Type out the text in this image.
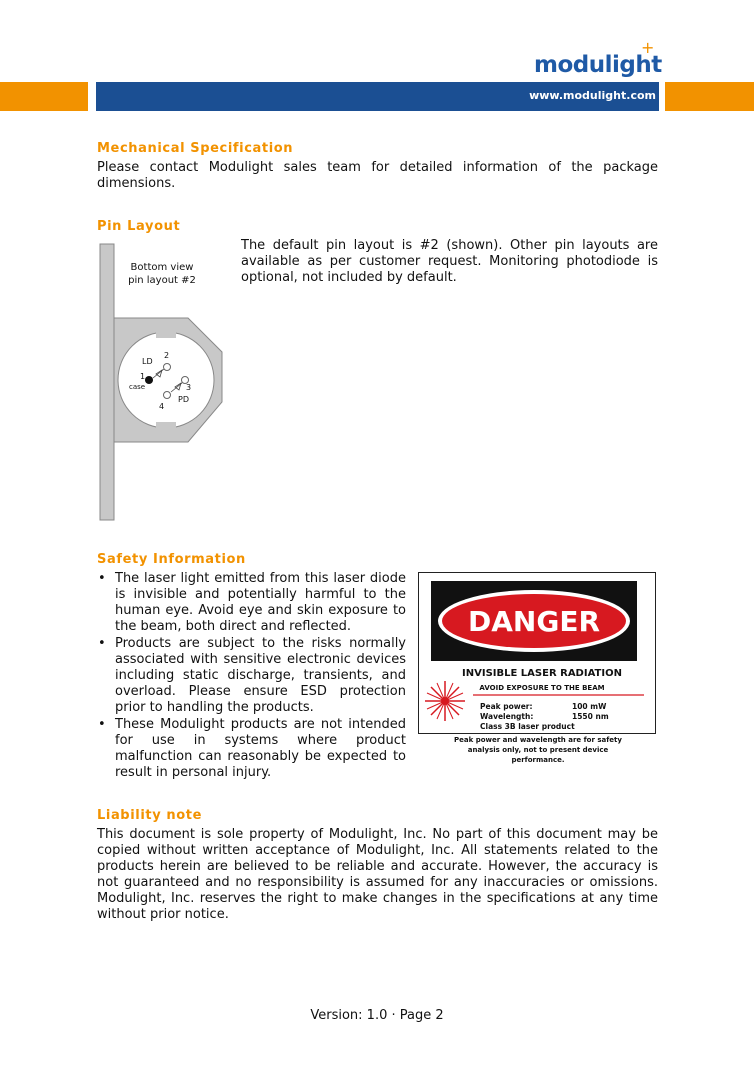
modulight
+
www.modulight.com
Mechanical Specification
Please contact Modulight sales team for detailed information of the package dimensions.
Pin Layout
The default pin layout is #2 (shown). Other pin layouts are available as per customer request. Monitoring photodiode is optional, not included by default.
Bottom view
pin layout #2
LD
2
1
case	3
PD
4
Safety Information
• The laser light emitted from this laser diode is invisible and potentially harmful to the human eye. Avoid eye and skin exposure to the beam, both direct and reflected.
• Products are subject to the risks normally associated with sensitive electronic devices including static discharge, transients, and overload. Please ensure ESD protection prior to handling the products.
• These Modulight products are not intended for use in systems where product malfunction can reasonably be expected to result in personal injury.
DANGER
INVISIBLE LASER RADIATION
AVOID EXPOSURE TO THE BEAM
Peak power:	100 mW
Wavelength:	1550 nm
Class 3B laser product
Peak power and wavelength are for safety analysis only, not to present device performance.
Liability note
This document is sole property of Modulight, Inc. No part of this document may be copied without written acceptance of Modulight, Inc. All statements related to the products herein are believed to be reliable and accurate. However, the accuracy is not guaranteed and no responsibility is assumed for any inaccuracies or omissions. Modulight, Inc. reserves the right to make changes in the specifications at any time without prior notice.
Version: 1.0 · Page 2
